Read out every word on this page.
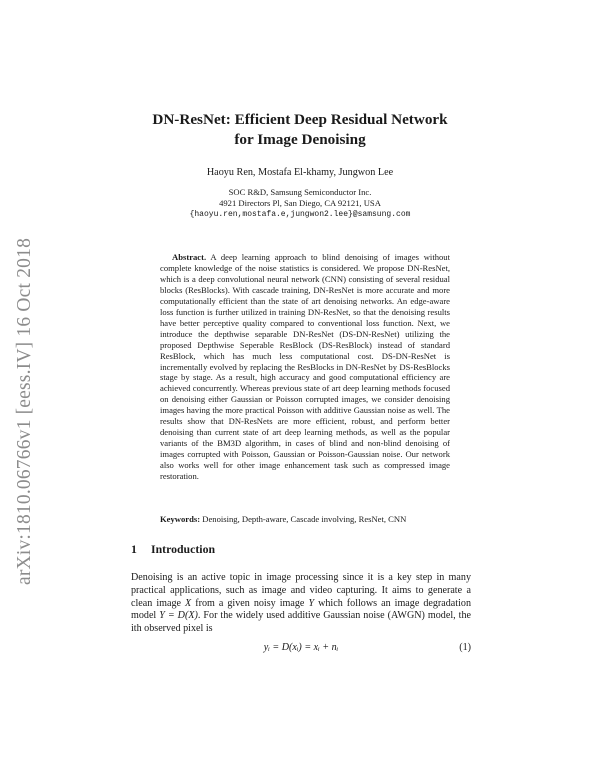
arXiv:1810.06766v1 [eess.IV] 16 Oct 2018
DN-ResNet: Efficient Deep Residual Network
for Image Denoising
Haoyu Ren, Mostafa El-khamy, Jungwon Lee
SOC R&D, Samsung Semiconductor Inc.
4921 Directors Pl, San Diego, CA 92121, USA
{haoyu.ren,mostafa.e,jungwon2.lee}@samsung.com
Abstract. A deep learning approach to blind denoising of images without complete knowledge of the noise statistics is considered. We propose DN-ResNet, which is a deep convolutional neural network (CNN) consisting of several residual blocks (ResBlocks). With cascade training, DN-ResNet is more accurate and more computationally efficient than the state of art denoising networks. An edge-aware loss function is further utilized in training DN-ResNet, so that the denoising results have better perceptive quality compared to conventional loss function. Next, we introduce the depthwise separable DN-ResNet (DS-DN-ResNet) utilizing the proposed Depthwise Seperable ResBlock (DS-ResBlock) instead of standard ResBlock, which has much less computational cost. DS-DN-ResNet is incrementally evolved by replacing the ResBlocks in DN-ResNet by DS-ResBlocks stage by stage. As a result, high accuracy and good computational efficiency are achieved concurrently. Whereas previous state of art deep learning methods focused on denoising either Gaussian or Poisson corrupted images, we consider denoising images having the more practical Poisson with additive Gaussian noise as well. The results show that DN-ResNets are more efficient, robust, and perform better denoising than current state of art deep learning methods, as well as the popular variants of the BM3D algorithm, in cases of blind and non-blind denoising of images corrupted with Poisson, Gaussian or Poisson-Gaussian noise. Our network also works well for other image enhancement task such as compressed image restoration.
Keywords: Denoising, Depth-aware, Cascade involving, ResNet, CNN
1 Introduction
Denoising is an active topic in image processing since it is a key step in many practical applications, such as image and video capturing. It aims to generate a clean image X from a given noisy image Y which follows an image degradation model Y = D(X). For the widely used additive Gaussian noise (AWGN) model, the ith observed pixel is
yᵢ = D(xᵢ) = xᵢ + nᵢ	(1)
